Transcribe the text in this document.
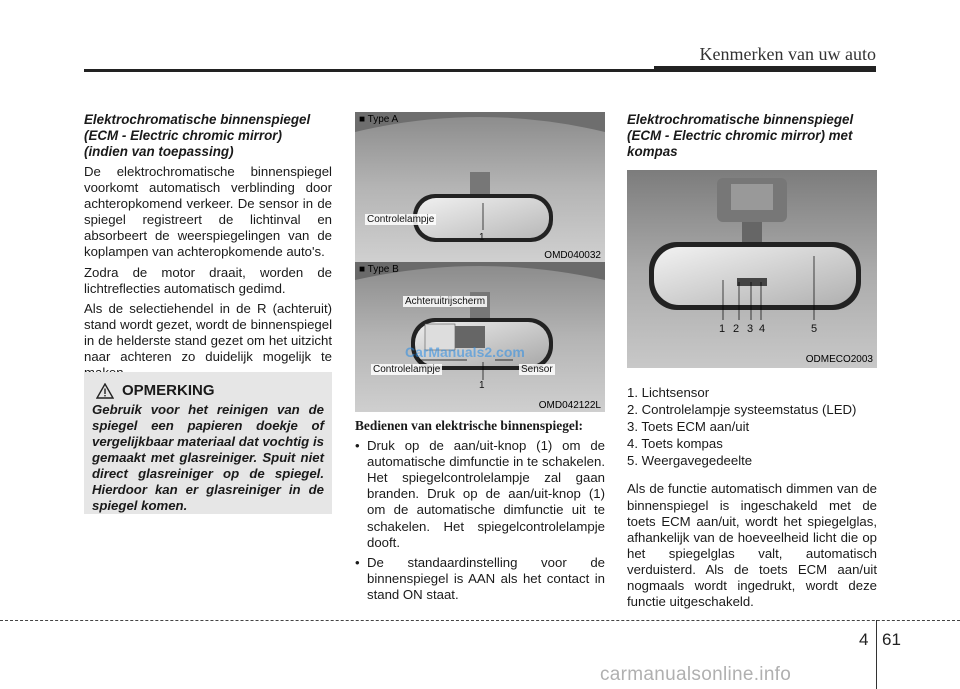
Kenmerken van uw auto
Elektrochromatische binnenspiegel
(ECM - Electric chromic mirror)
(indien van toepassing)

De elektrochromatische binnenspiegel voorkomt automatisch verblinding door achteropkomend verkeer. De sensor in de spiegel registreert de lichtinval en absorbeert de weerspiegelingen van de koplampen van achteropkomende auto's.

Zodra de motor draait, worden de lichtreflecties automatisch gedimd.

Als de selectiehendel in de R (achteruit) stand wordt gezet, wordt de binnenspiegel in de helderste stand gezet om het uitzicht naar achteren zo duidelijk mogelijk te

OPMERKING
Gebruik voor het reinigen van de spiegel een papieren doekje of vergelijkbaar materiaal dat vochtig is gemaakt met glasreiniger. Spuit niet direct glasreiniger op de spiegel. Hierdoor kan er glasreiniger in de spiegel komen.
■ Type A
Controlelampje
1
OMD040032
■ Type B
Achteruitrijscherm
CarManuals2.com
Controlelampje	Sensor
1
OMD042122L
Bedienen van elektrische binnenspiegel:
• Druk op de aan/uit-knop (1) om de automatische dimfunctie in te schakelen. Het spiegelcontrolelampje zal gaan branden. Druk op de aan/uit-knop (1) om de automatische dimfunctie uit te schakelen. Het spiegelcontrolelampje dooft.
• De standaardinstelling voor de binnenspiegel is AAN als het contact in stand ON staat.
Elektrochromatische binnenspiegel
(ECM - Electric chromic mirror) met
kompas
1 2 3 4	5
ODMECO2003
1. Lichtsensor
2. Controlelampje systeemstatus (LED)
3. Toets ECM aan/uit
4. Toets kompas
5. Weergavegedeelte

Als de functie automatisch dimmen van de binnenspiegel is ingeschakeld met de toets ECM aan/uit, wordt het spiegelglas, afhankelijk van de hoeveelheid licht die op het spiegelglas valt, automatisch verduisterd. Als de toets ECM aan/uit nogmaals wordt ingedrukt, wordt deze functie uitgeschakeld.

4 61
carmanualsonline.info
